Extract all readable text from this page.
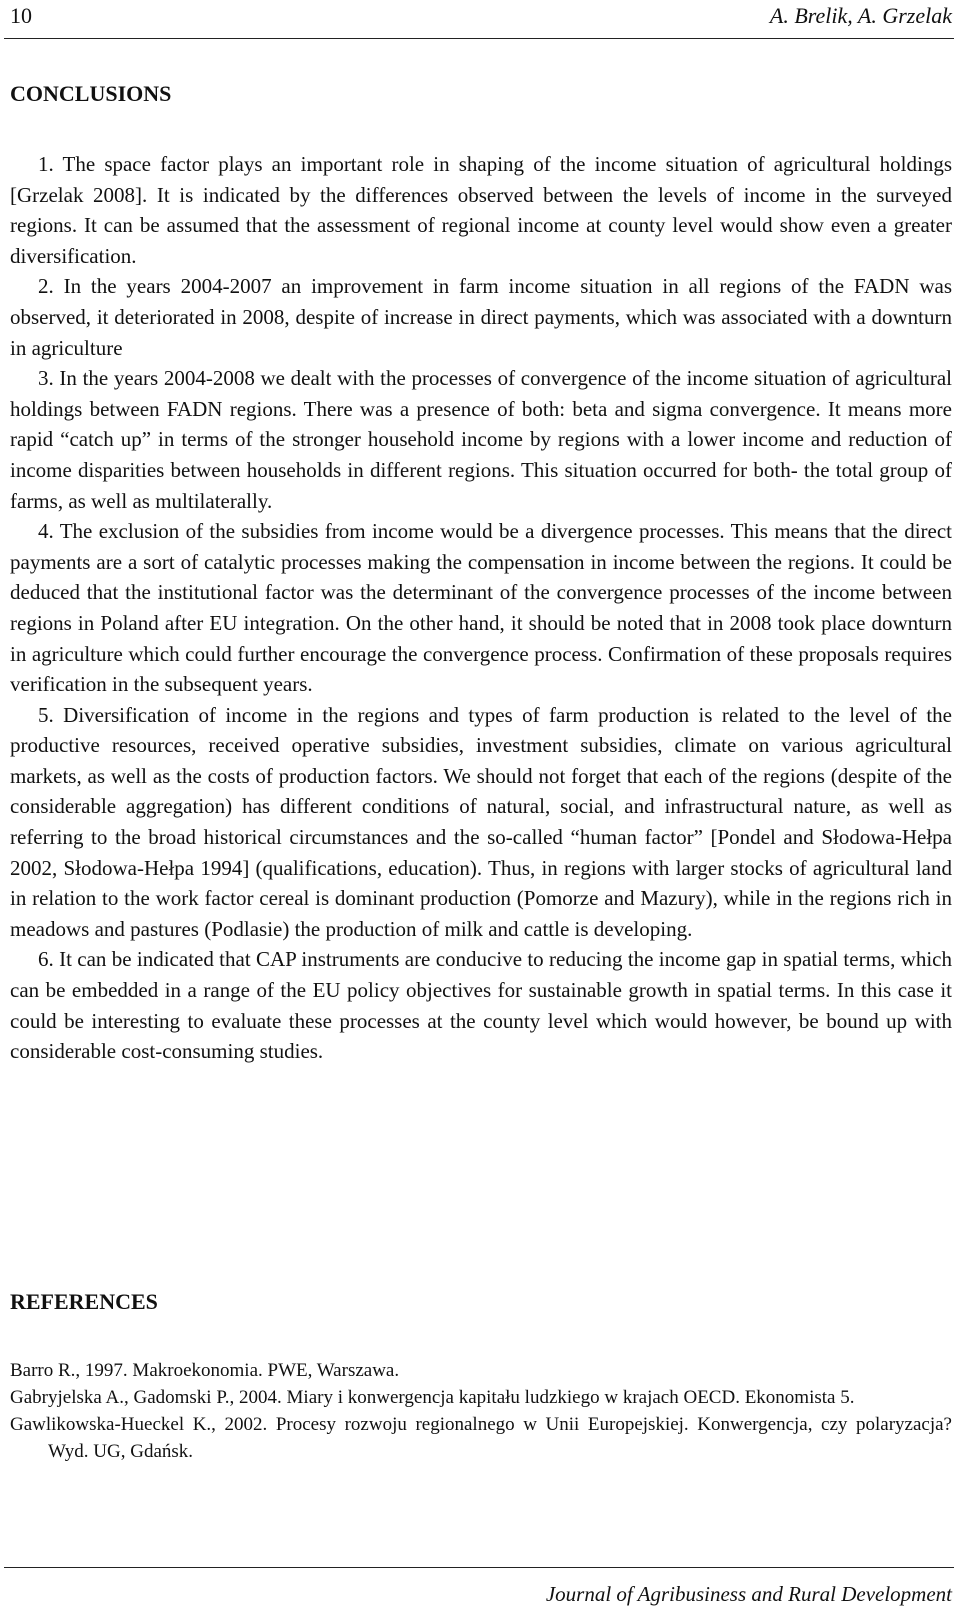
10	A. Brelik, A. Grzelak
CONCLUSIONS

1. The space factor plays an important role in shaping of the income situation of agricultural holdings [Grzelak 2008]. It is indicated by the differences observed between the levels of income in the surveyed regions. It can be assumed that the assessment of regional income at county level would show even a greater diversification.

2. In the years 2004-2007 an improvement in farm income situation in all regions of the FADN was observed, it deteriorated in 2008, despite of increase in direct payments, which was associated with a downturn in agriculture

3. In the years 2004-2008 we dealt with the processes of convergence of the income situation of agricultural holdings between FADN regions. There was a presence of both: beta and sigma convergence. It means more rapid “catch up” in terms of the stronger household income by regions with a lower income and reduction of income disparities between households in different regions. This situation occurred for both- the total group of farms, as well as multilaterally.

4. The exclusion of the subsidies from income would be a divergence processes. This means that the direct payments are a sort of catalytic processes making the compensation in income between the regions. It could be deduced that the institutional factor was the determinant of the convergence processes of the income between regions in Poland after EU integration. On the other hand, it should be noted that in 2008 took place downturn in agriculture which could further encourage the convergence process. Confirmation of these proposals requires verification in the subsequent years.

5. Diversification of income in the regions and types of farm production is related to the level of the productive resources, received operative subsidies, investment subsidies, climate on various agricultural markets, as well as the costs of production factors. We should not forget that each of the regions (despite of the considerable aggregation) has different conditions of natural, social, and infrastructural nature, as well as referring to the broad historical circumstances and the so-called “human factor” [Pondel and Słodowa-Hełpa 2002, Słodowa-Hełpa 1994] (qualifications, education). Thus, in regions with larger stocks of agricultural land in relation to the work factor cereal is dominant production (Pomorze and Mazury), while in the regions rich in meadows and pastures (Podlasie) the production of milk and cattle is developing.

6. It can be indicated that CAP instruments are conducive to reducing the income gap in spatial terms, which can be embedded in a range of the EU policy objectives for sustainable growth in spatial terms. In this case it could be interesting to evaluate these processes at the county level which would however, be bound up with considerable cost-consuming studies.

REFERENCES

Barro R., 1997. Makroekonomia. PWE, Warszawa.

Gabryjelska A., Gadomski P., 2004. Miary i konwergencja kapitału ludzkiego w krajach OECD. Ekonomista 5.

Gawlikowska-Hueckel K., 2002. Procesy rozwoju regionalnego w Unii Europejskiej. Konwergencja, czy polaryzacja? Wyd. UG, Gdańsk.

Journal of Agribusiness and Rural Development
